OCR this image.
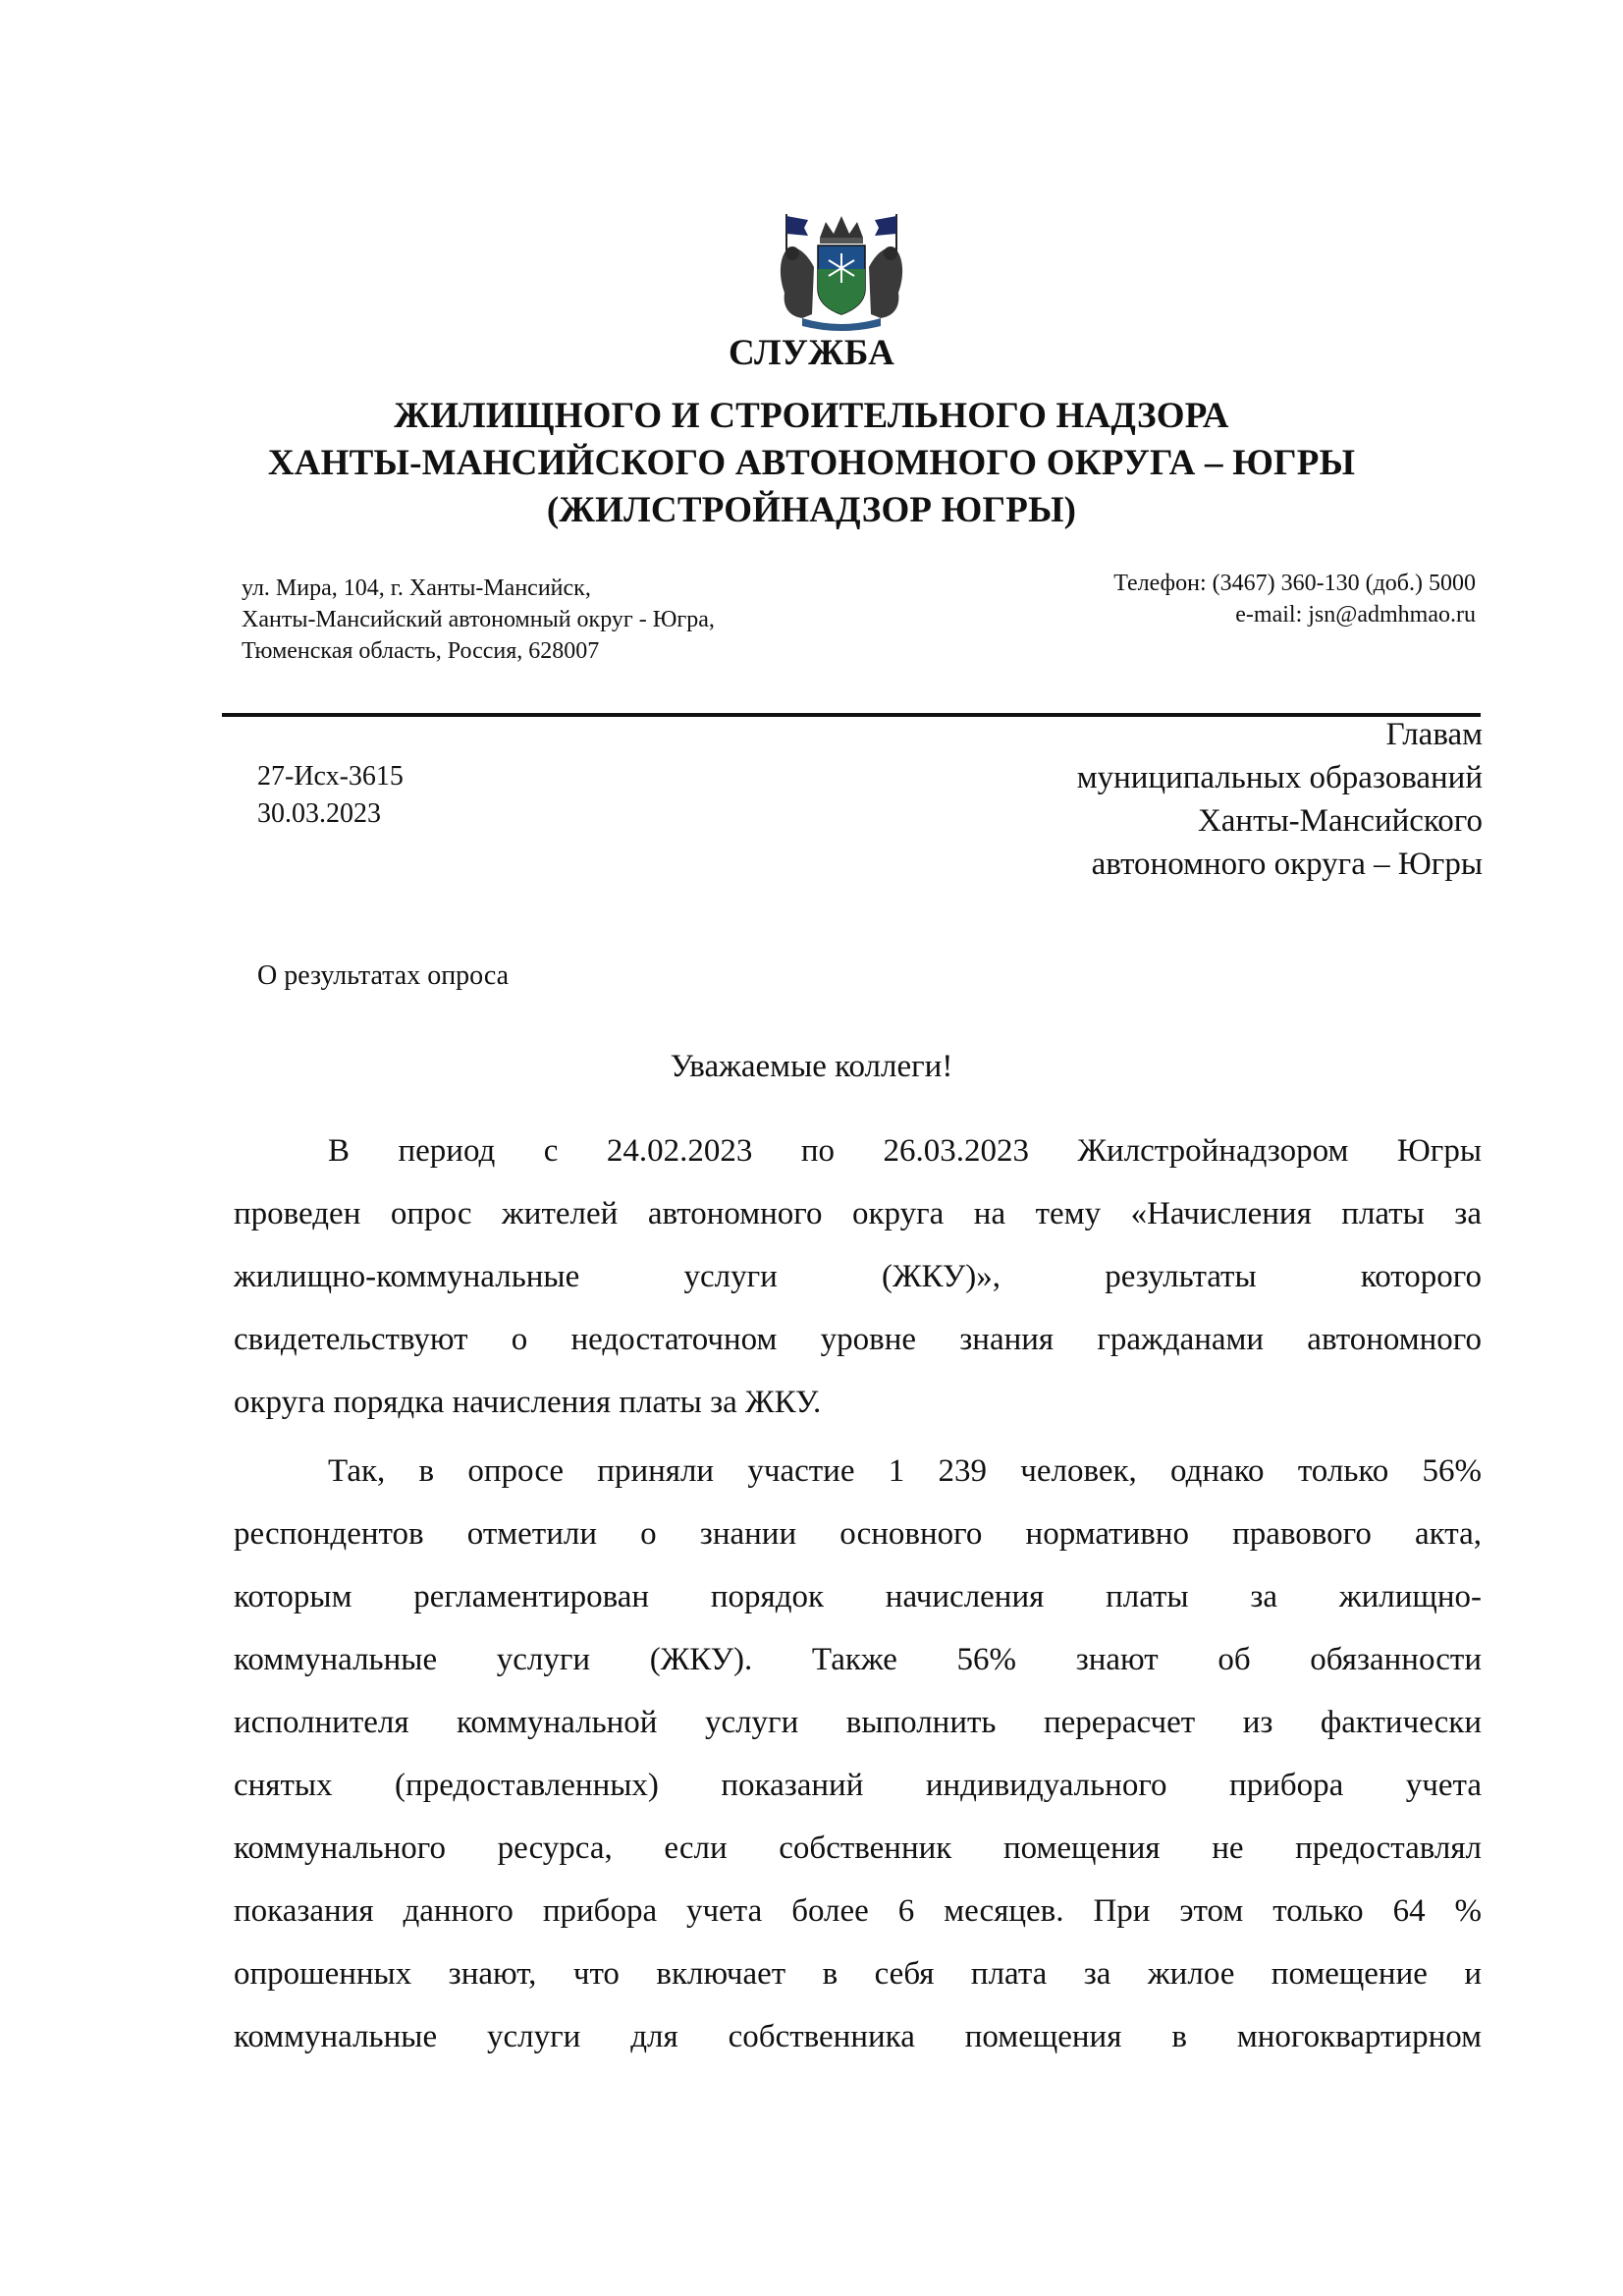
СЛУЖБА
ЖИЛИЩНОГО И СТРОИТЕЛЬНОГО НАДЗОРА
ХАНТЫ-МАНСИЙСКОГО АВТОНОМНОГО ОКРУГА – ЮГРЫ
(ЖИЛСТРОЙНАДЗОР ЮГРЫ)
ул. Мира, 104, г. Ханты-Мансийск,
Ханты-Мансийский автономный округ - Югра,
Тюменская область, Россия, 628007
Телефон: (3467) 360-130 (доб.) 5000
e-mail: jsn@admhmao.ru
27-Исх-3615
30.03.2023
Главам
муниципальных образований
Ханты-Мансийского
автономного округа – Югры
О результатах опроса
Уважаемые коллеги!
В период с 24.02.2023 по 26.03.2023 Жилстройнадзором Югры
проведен опрос жителей автономного округа на тему «Начисления платы за
жилищно-коммунальные услуги (ЖКУ)», результаты которого
свидетельствуют о недостаточном уровне знания гражданами автономного
округа порядка начисления платы за ЖКУ.
Так, в опросе приняли участие 1 239 человек, однако только 56%
респондентов отметили о знании основного нормативно правового акта,
которым регламентирован порядок начисления платы за жилищно-
коммунальные услуги (ЖКУ). Также 56% знают об обязанности
исполнителя коммунальной услуги выполнить перерасчет из фактически
снятых (предоставленных) показаний индивидуального прибора учета
коммунального ресурса, если собственник помещения не предоставлял
показания данного прибора учета более 6 месяцев. При этом только 64 %
опрошенных знают, что включает в себя плата за жилое помещение и
коммунальные услуги для собственника помещения в многоквартирном
